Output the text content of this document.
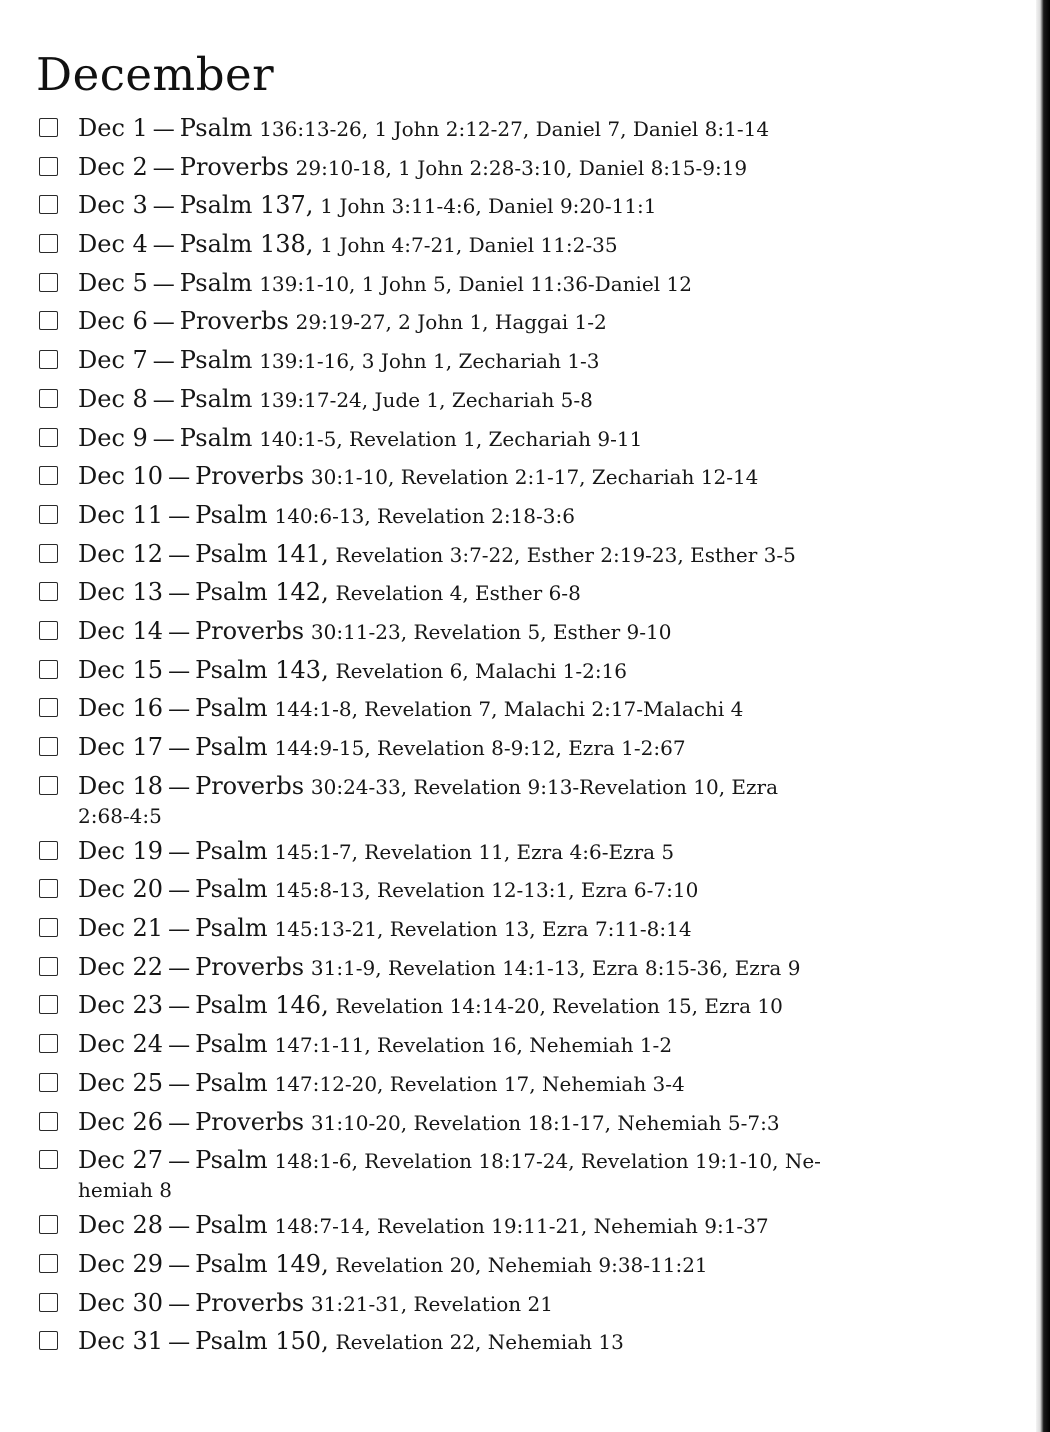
December
Dec 1 — Psalm 136:13-26, 1 John 2:12-27, Daniel 7, Daniel 8:1-14
Dec 2 — Proverbs 29:10-18, 1 John 2:28-3:10, Daniel 8:15-9:19
Dec 3 — Psalm 137, 1 John 3:11-4:6, Daniel 9:20-11:1
Dec 4 — Psalm 138, 1 John 4:7-21, Daniel 11:2-35
Dec 5 — Psalm 139:1-10, 1 John 5, Daniel 11:36-Daniel 12
Dec 6 — Proverbs 29:19-27, 2 John 1, Haggai 1-2
Dec 7 — Psalm 139:1-16, 3 John 1, Zechariah 1-3
Dec 8 — Psalm 139:17-24, Jude 1, Zechariah 5-8
Dec 9 — Psalm 140:1-5, Revelation 1, Zechariah 9-11
Dec 10 — Proverbs 30:1-10, Revelation 2:1-17, Zechariah 12-14
Dec 11 — Psalm 140:6-13, Revelation 2:18-3:6
Dec 12 — Psalm 141, Revelation 3:7-22, Esther 2:19-23, Esther 3-5
Dec 13 — Psalm 142, Revelation 4, Esther 6-8
Dec 14 — Proverbs 30:11-23, Revelation 5, Esther 9-10
Dec 15 — Psalm 143, Revelation 6, Malachi 1-2:16
Dec 16 — Psalm 144:1-8, Revelation 7, Malachi 2:17-Malachi 4
Dec 17 — Psalm 144:9-15, Revelation 8-9:12, Ezra 1-2:67
Dec 18 — Proverbs 30:24-33, Revelation 9:13-Revelation 10, Ezra
2:68-4:5
Dec 19 — Psalm 145:1-7, Revelation 11, Ezra 4:6-Ezra 5
Dec 20 — Psalm 145:8-13, Revelation 12-13:1, Ezra 6-7:10
Dec 21 — Psalm 145:13-21, Revelation 13, Ezra 7:11-8:14
Dec 22 — Proverbs 31:1-9, Revelation 14:1-13, Ezra 8:15-36, Ezra 9
Dec 23 — Psalm 146, Revelation 14:14-20, Revelation 15, Ezra 10
Dec 24 — Psalm 147:1-11, Revelation 16, Nehemiah 1-2
Dec 25 — Psalm 147:12-20, Revelation 17, Nehemiah 3-4
Dec 26 — Proverbs 31:10-20, Revelation 18:1-17, Nehemiah 5-7:3
Dec 27 — Psalm 148:1-6, Revelation 18:17-24, Revelation 19:1-10, Ne-
hemiah 8
Dec 28 — Psalm 148:7-14, Revelation 19:11-21, Nehemiah 9:1-37
Dec 29 — Psalm 149, Revelation 20, Nehemiah 9:38-11:21
Dec 30 — Proverbs 31:21-31, Revelation 21
Dec 31 — Psalm 150, Revelation 22, Nehemiah 13
